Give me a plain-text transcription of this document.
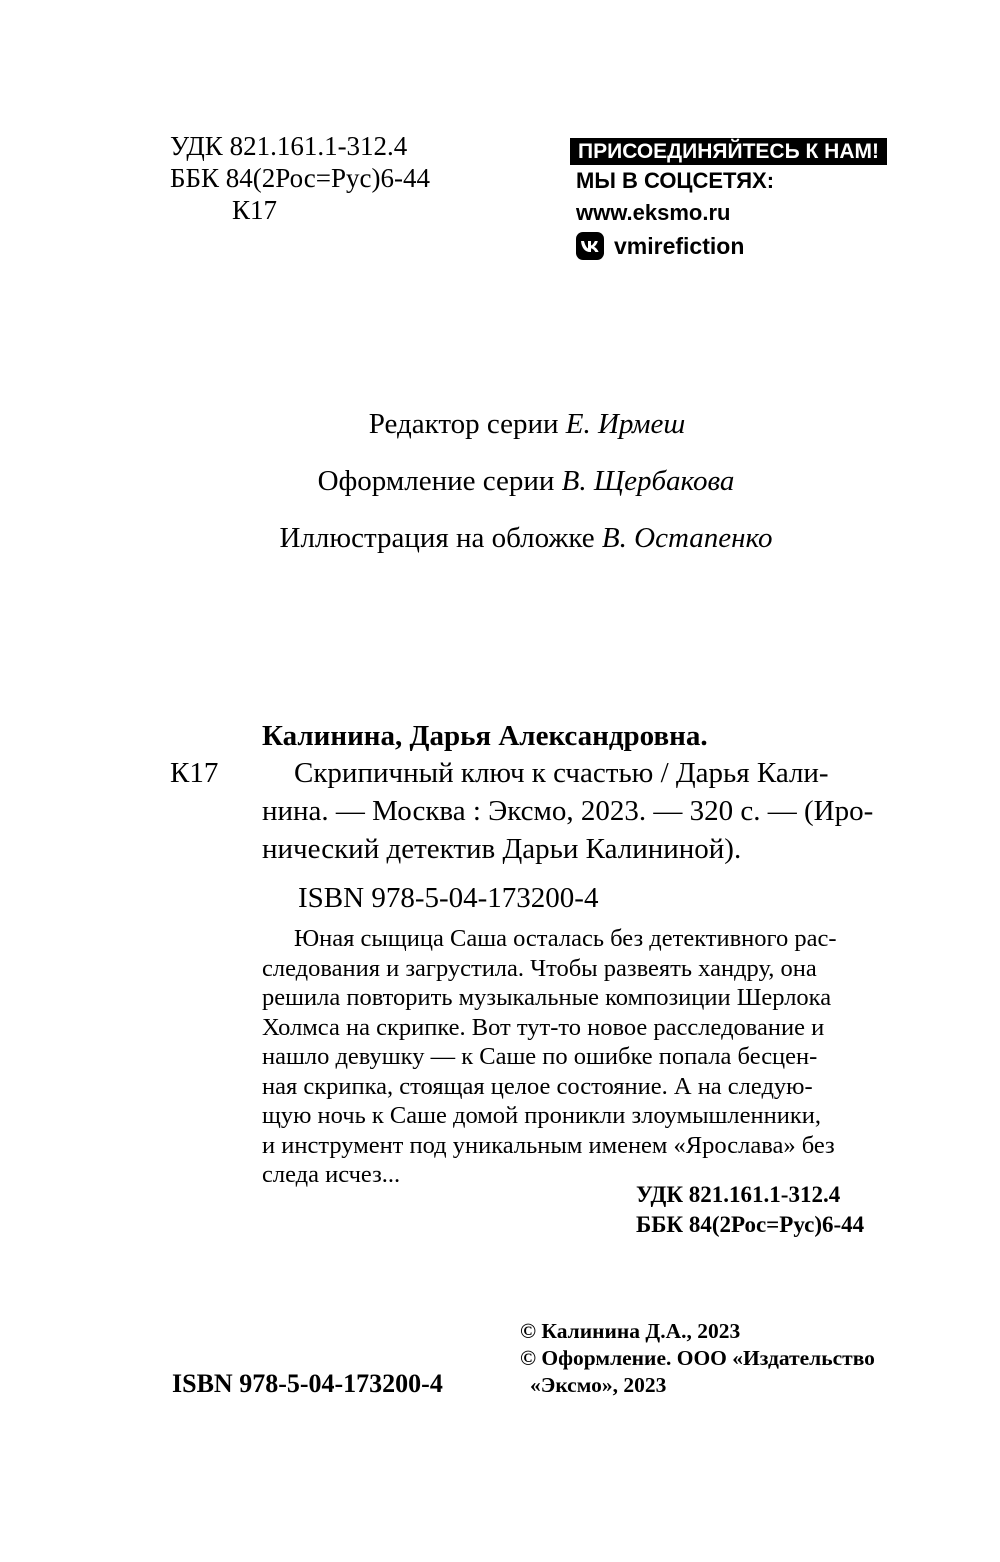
УДК 821.161.1-312.4
ББК 84(2Рос=Рус)6-44
К17
ПРИСОЕДИНЯЙТЕСЬ К НАМ!
МЫ В СОЦСЕТЯХ:
www.eksmo.ru
vmirefiction
Редактор серии Е. Ирмеш
Оформление серии В. Щербакова
Иллюстрация на обложке В. Остапенко
Калинина, Дарья Александровна.
К17	Скрипичный ключ к счастью / Дарья Кали-
нина. — Москва : Эксмо, 2023. — 320 с. — (Иро-
нический детектив Дарьи Калининой).
ISBN 978-5-04-173200-4

Юная сыщица Саша осталась без детективного рас-

следования и загрустила. Чтобы развеять хандру, она

решила повторить музыкальные композиции Шерлока

Холмса на скрипке. Вот тут-то новое расследование и

нашло девушку — к Саше по ошибке попала бесцен-

ная скрипка, стоящая целое состояние. А на следую-

щую ночь к Саше домой проникли злоумышленники,

и инструмент под уникальным именем «Ярослава» без

следа исчез...

УДК 821.161.1-312.4
ББК 84(2Рос=Рус)6-44
ISBN 978-5-04-173200-4
© Калинина Д.А., 2023
© Оформление. ООО «Издательство
«Эксмо», 2023
